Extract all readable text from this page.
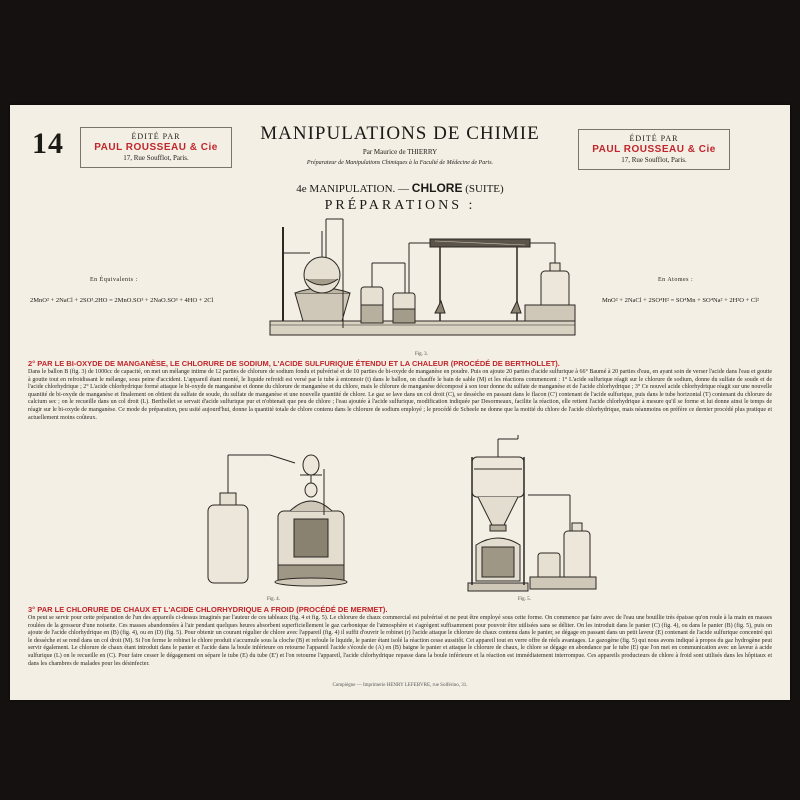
14	ÉDITÉ PAR
PAUL ROUSSEAU & Cie
17, Rue Soufflot, Paris.
ÉDITÉ PAR
PAUL ROUSSEAU & Cie
17, Rue Soufflot, Paris.
MANIPULATIONS DE CHIMIE
Par Maurice de THIERRY
Préparateur de Manipulations Chimiques à la Faculté de Médecine de Paris.
4e MANIPULATION. — CHLORE (SUITE)
PRÉPARATIONS :
En Équivalents :
2MnO² + 2NaCl + 2SO³.2HO = 2MnO.SO³ + 2NaO.SO³ + 4HO + 2Cl
En Atomes :
MnO² + 2NaCl + 2SO⁴H² = SO⁴Mn + SO⁴Na² + 2H²O + Cl²
Fig. 3.
2° PAR LE BI-OXYDE DE MANGANÈSE, LE CHLORURE DE SODIUM, L'ACIDE SULFURIQUE ÉTENDU ET LA CHALEUR (PROCÉDÉ DE BERTHOLLET).
Dans le ballon B (fig. 3) de 1000cc de capacité, on met un mélange intime de 12 parties de chlorure de sodium fondu et pulvérisé et de 10 parties de bi-oxyde de manganèse en poudre. Puis on ajoute 20 parties d'acide sulfurique à 66° Baumé à 20 parties d'eau, en ayant soin de verser l'acide dans l'eau et goutte à goutte tout en refroidissant le mélange, sous peine d'accident. L'appareil étant monté, le liquide refroidi est versé par le tube à entonnoir (t) dans le ballon, on chauffe le bain de sable (M) et les réactions commencent : 1° L'acide sulfurique réagit sur le chlorure de sodium, donne du sulfate de soude et de l'acide chlorhydrique ; 2° L'acide chlorhydrique formé attaque le bi-oxyde de manganèse et donne du chlorure de manganèse et du chlore, mais le chlorure de manganèse décomposé à son tour donne du sulfate de manganèse et de l'acide chlorhydrique ; 3° Ce nouvel acide chlorhydrique réagit sur une nouvelle quantité de bi-oxyde de manganèse et finalement on obtient du sulfate de soude, du sulfate de manganèse et une nouvelle quantité de chlore. Le gaz se lave dans un col droit (C), se dessèche en passant dans le flacon (C') contenant de l'acide sulfurique, puis dans le tube horizontal (T) contenant du chlorure de calcium sec ; on le recueille dans un col droit (L). Berthollet se servait d'acide sulfurique pur et n'obtenait que peu de chlore ; l'eau ajoutée à l'acide sulfurique, modification indiquée par Desormeaux, facilite la réaction, elle retient l'acide chlorhydrique à mesure qu'il se forme et lui donne ainsi le temps de réagir sur le bi-oxyde de manganèse. Ce mode de préparation, peu usité aujourd'hui, donne la quantité totale de chlore contenu dans le chlorure de sodium employé ; le procédé de Scheele ne donne que la moitié du chlore de l'acide chlorhydrique, mais néanmoins on préfère ce dernier procédé plus pratique et actuellement moins coûteux.
Fig. 4.	Fig. 5.
3° PAR LE CHLORURE DE CHAUX ET L'ACIDE CHLORHYDRIQUE A FROID (PROCÉDÉ DE MERMET).
On peut se servir pour cette préparation de l'un des appareils ci-dessus imaginés par l'auteur de ces tableaux (fig. 4 et fig. 5). Le chlorure de chaux commercial est pulvérisé et ne peut être employé sous cette forme. On commence par faire avec de l'eau une bouillie très épaisse qu'on roule à la main en masses roulées de la grosseur d'une noisette. Ces masses abandonnées à l'air pendant quelques heures absorbent superficiellement le gaz carbonique de l'atmosphère et s'agrègent suffisamment pour pouvoir être utilisées sans se déliter. On les introduit dans le panier (C) (fig. 4), ou dans le panier (B) (fig. 5), puis on ajoute de l'acide chlorhydrique en (B) (fig. 4), ou en (D) (fig. 5). Pour obtenir un courant régulier de chlore avec l'appareil (fig. 4) il suffit d'ouvrir le robinet (r) l'acide attaque le chlorure de chaux contenu dans le panier, se dégage en passant dans un petit laveur (E) contenant de l'acide sulfurique concentré qui le dessèche et se rend dans un col droit (M). Si l'on ferme le robinet le chlore produit s'accumule sous la cloche (B) et refoule le liquide, le panier étant isolé la réaction cesse aussitôt. Cet appareil tout en verre offre de réels avantages. Le gazogène (fig. 5) qui nous avons indiqué à propos du gaz hydrogène peut servir également. Le chlorure de chaux étant introduit dans le panier et l'acide dans la boule inférieure on retourne l'appareil l'acide s'écoule de (A) en (B) baigne le panier et attaque le chlorure de chaux, le chlore se dégage en abondance par le tube (E) que l'on met en communication avec un laveur à acide sulfurique (L) on le recueille en (C). Pour faire cesser le dégagement on sépare le tube (E) du tube (E') et l'on retourne l'appareil, l'acide chlorhydrique repasse dans la boule inférieure et la réaction est immédiatement interrompue. Ces appareils producteurs de chlore à froid sont utilisés dans les hôpitaux et dans les chambres de malades pour les désinfecter.
Compiègne — Imprimerie HENRY LEFEBVRE, rue Solférino, 31.
